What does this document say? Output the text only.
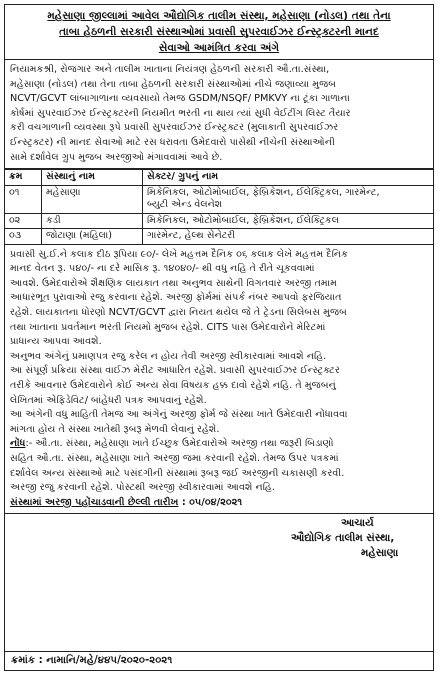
મહેસાણા જીલ્લામાં આવેલ ઔદ્યોગિક તાલીમ સંસ્થા, મહેસાણા (નોડલ) તથા તેના
તાબા હેઠળની સરકારી સંસ્થાઓમાં પ્રવાસી સુપરવાઈઝર ઈન્સ્ટ્રક્ટરની માનદ
સેવાઓ આમંત્રિત કરવા અંગે
નિયામકશ્રી, રોજગાર અને તાલીમ ખાતાના નિયંત્રણ હેઠળની સરકારી ઔ.તા.સંસ્થા,
મહેસાણા (નોડલ) તથા તેના તાબા હેઠળની સરકારી સંસ્થાઓમાં નીચે જણાવ્યા મુજબ
NCVT/GCVT લાંબાગાળાના વ્યવસાયો તેમજ GSDM/NSQF/ PMKVY ના ટૂંકા ગાળાના
કોર્ષમાં સુપરવાઈઝર ઈન્સ્ટ્રક્ટરની નિયમીત ભરતી ના થાય ત્યાં સુધી વેઈટીંગ લિસ્ટ તૈયાર
કરી વચગાળાની વ્યવસ્થા રૂપે પ્રવાસી સુપરવાઈઝર ઈન્સ્ટ્રક્ટર (મુલાકાતી સુપરવાઈઝર
ઈન્સ્ટ્રક્ટર) ની માનદ સેવાઓ માટે રસ ધરાવતા ઉમેદવારો પાસેથી નીચેની સંસ્થાઓની
સામે દર્શાવેલ ગ્રુપ મુજબ અરજીઓ મંગાવવામાં આવે છે.
ક્રમ	સંસ્થાનું નામ	સેક્ટર/ ગ્રુપનું નામ
૦૧	મહેસાણા	મિકેનિકલ, ઓટોમોબાઈલ, ફેબ્રિકેશન, ઈલેક્ટ્રિકલ, ગારમેન્ટ,
બ્યુટી એન્ડ વેલનેશ

૦૨	કડી	મિકેનિકલ, ઓટોમોબાઈલ, ફેબ્રિકેશન, ઈલેક્ટ્રિકલ
૦૩	જોટાણા (મહિલા)	ગારમેન્ટ, હેલ્થ સેનેટરી
પ્રવાસી સુ.ઈ.ને કલાક દીઠ રૂપિયા ૯૦/- લેખે મહત્તમ દૈનિક ૦૬ કલાક લેખે મહત્તમ દૈનિક
માનદ વેતન રૂ. ૫૪૦/- ના દરે માસિક રૂ. ૧૪૦૪૦/- થી વધુ નહિ તે રીતે ચૂકવવામાં
આવશે. ઉમેદવારોએ શૈક્ષણિક લાયકાત તથા અનુભવ સાથેની વિગતવાર અરજી તમામ
આધારભૂત પુરાવાઓ રજુ કરવાના રહેશે. અરજી ફોર્મમાં સંપર્ક નંબર આપવો ફરજિયાત
રહેશે. લાયકાતના ધોરણો NCVT/GCVT દ્વારા નિયત થયેલ જે તે ટ્રેડના સિલેબસ મુજબ
તથા ખાતાના પ્રવર્તમાન ભરતી નિયમો મુજબ રહેશે. CITS પાસ ઉમેદવારોને મેરિટમાં
પ્રાધાન્ય આપવા આવશે.
અનુભવ અંગેનું પ્રમાણપત્ર રજુ કરેલ ન હોય તેવી અરજી સ્વીકારવામાં આવશે નહિ.
આ સંપૂર્ણ પ્રક્રિયા સંસ્થા વાઈઝ મેરીટ આધારિત રહેશે. પ્રવાસી સુપરવાઈઝર ઈન્સ્ટ્રક્ટર
તરીકે આવનાર ઉમેદવારોને કોઈ અન્ય સેવા વિષયક હક્ક દાવો રહેશે નહિ. તે મુજબનું
લેખિતમાં એફિડેવિટ/ બાંહેધરી પત્રક આપવાનું રહેશે.
આ અંગેની વધુ માહિતી તેમજ આ અંગેનું અરજી ફોર્મ જે સંસ્થા ખાતે ઉમેદવારી નોંધાવવા
માંગતા હોય તે સંસ્થા ખાતેથી રૂબરૂ મેળવી લેવાનું રહેશે.
નોંધ:- ઔ.તા. સંસ્થા, મહેસાણા ખાતે ઈચ્છુક ઉમેદવારોએ અરજી તથા જરૂરી બિડાણો
સહિત ઔ.તા. સંસ્થા, મહેસાણા ખાતે અરજી જમા કરવાની રહેશે. તેમજ ઉપર પત્રકમાં
દર્શાવેલ અન્ય સંસ્થાઓ માટે પસંદગીની સંસ્થામાં રૂબરૂ જઈ અરજીની ચકાસણી કરવી.
અરજી રજુ કરવાની રહેશે. પોસ્ટથી અરજી સ્વીકારવામાં આવશે નહિ.
સંસ્થામાં અરજી પહોંચાડવાની છેલ્લી તારીખ : ૦૫/૦૪/૨૦૨૧
આચાર્ય
ઔદ્યોગિક તાલીમ સંસ્થા,
મહેસાણા
ક્રમાંક : નામાનિ/મહે/૪૪૫/૨૦૨૦-૨૦૨૧
